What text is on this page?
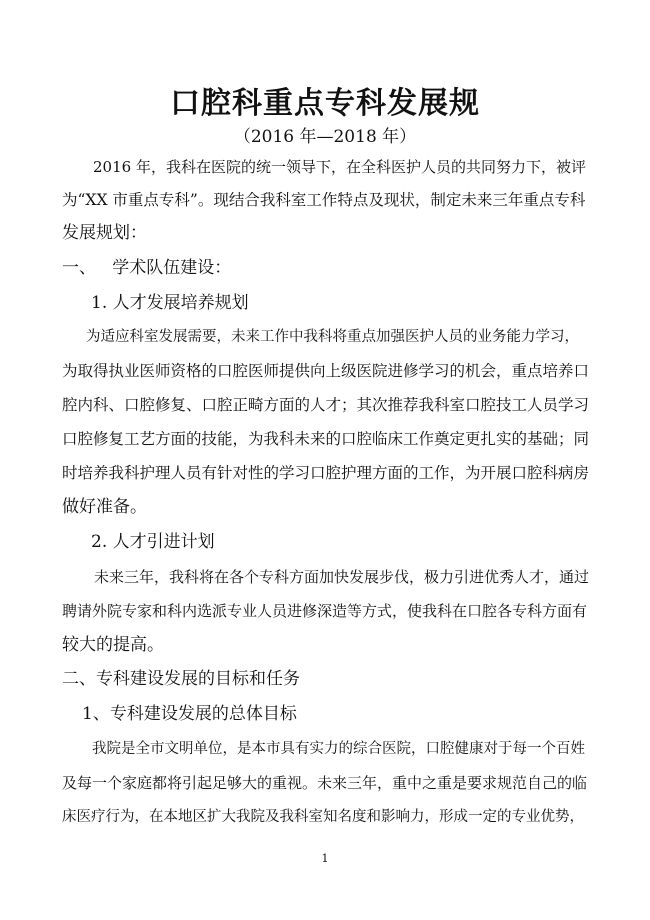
口腔科重点专科发展规
（2016 年—2018 年）
2016 年，我科在医院的统一领导下，在全科医护人员的共同努力下，被评
为“XX 市重点专科”。现结合我科室工作特点及现状，制定未来三年重点专科
发展规划：
一、   学术队伍建设：
1. 人才发展培养规划
为适应科室发展需要，未来工作中我科将重点加强医护人员的业务能力学习，
为取得执业医师资格的口腔医师提供向上级医院进修学习的机会，重点培养口
腔内科、口腔修复、口腔正畸方面的人才；其次推荐我科室口腔技工人员学习
口腔修复工艺方面的技能，为我科未来的口腔临床工作奠定更扎实的基础；同
时培养我科护理人员有针对性的学习口腔护理方面的工作，为开展口腔科病房
做好准备。
2. 人才引进计划
未来三年，我科将在各个专科方面加快发展步伐，极力引进优秀人才，通过
聘请外院专家和科内选派专业人员进修深造等方式，使我科在口腔各专科方面有
较大的提高。
二、专科建设发展的目标和任务
1、专科建设发展的总体目标
我院是全市文明单位，是本市具有实力的综合医院，口腔健康对于每一个百姓
及每一个家庭都将引起足够大的重视。未来三年，重中之重是要求规范自己的临
床医疗行为，在本地区扩大我院及我科室知名度和影响力，形成一定的专业优势，
1
